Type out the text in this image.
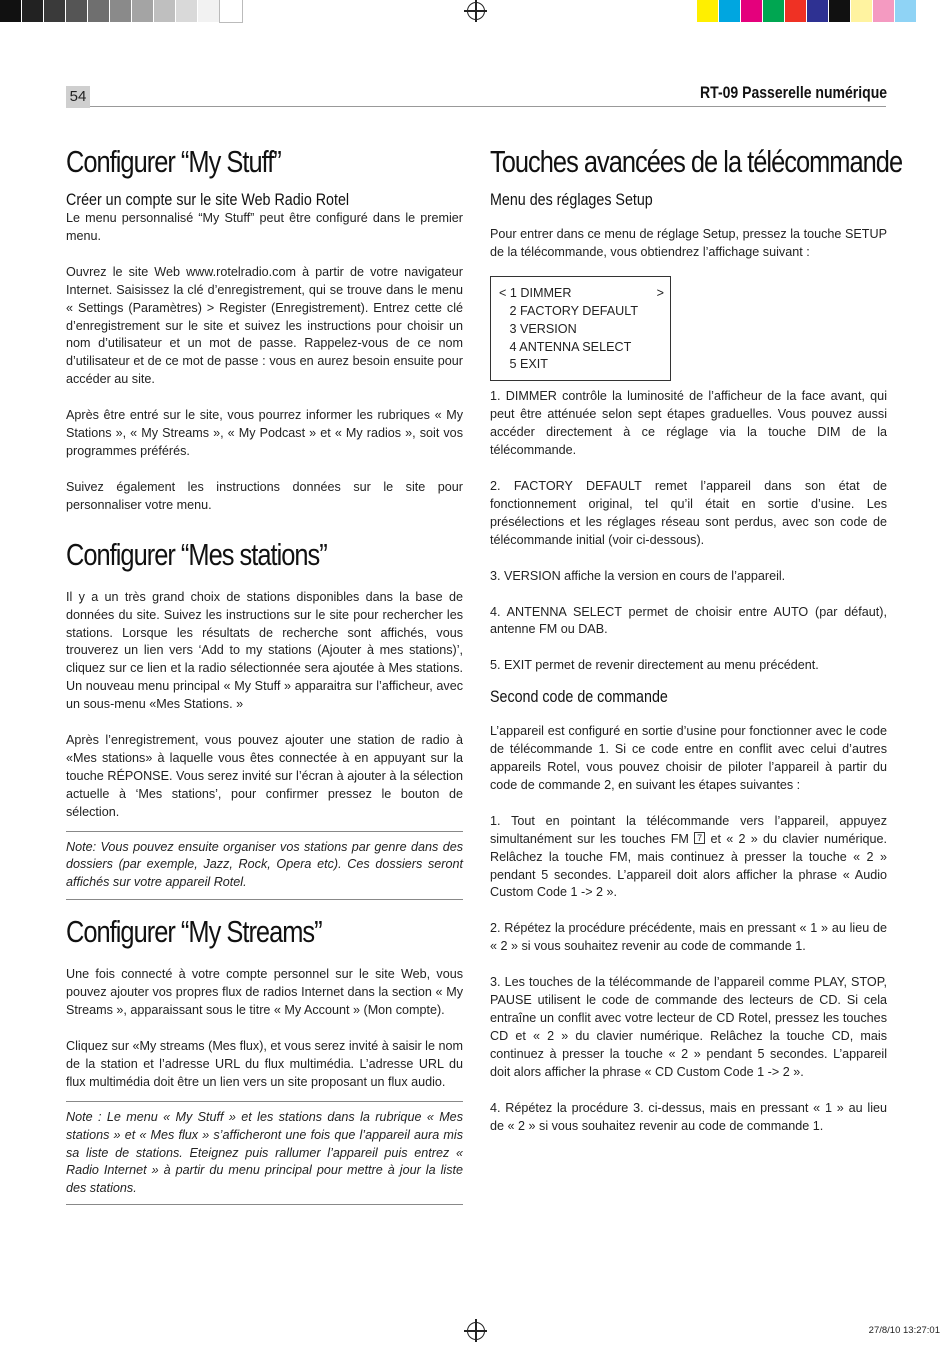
54	RT-09 Passerelle numérique
Configurer “My Stuff”
Créer un compte sur le site Web Radio Rotel

Le menu personnalisé “My Stuff” peut être configuré dans le premier menu.

Ouvrez le site Web www.rotelradio.com à partir de votre navigateur Internet. Saisissez la clé d’enregistrement, qui se trouve dans le menu « Settings (Paramètres) > Register (Enregistrement). Entrez cette clé d’enregistrement sur le site et suivez les instructions pour choisir un nom d’utilisateur et un mot de passe. Rappelez-vous de ce nom d’utilisateur et de ce mot de passe : vous en aurez besoin ensuite pour accéder au site.

Après être entré sur le site, vous pourrez informer les rubriques « My Stations », « My Streams », « My Podcast » et « My radios », soit vos programmes préférés.

Suivez également les instructions données sur le site pour personnaliser votre menu.

Configurer “Mes stations”

Il y a un très grand choix de stations disponibles dans la base de données du site. Suivez les instructions sur le site pour rechercher les stations. Lorsque les résultats de recherche sont affichés, vous trouverez un lien vers ‘Add to my stations (Ajouter à mes stations)’, cliquez sur ce lien et la radio sélectionnée sera ajoutée à Mes stations. Un nouveau menu principal « My Stuff » apparaitra sur l’afficheur, avec un sous-menu «Mes Stations. »

Après l’enregistrement, vous pouvez ajouter une station de radio à «Mes stations» à laquelle vous êtes connectée à en appuyant sur la touche RÉPONSE. Vous serez invité sur l’écran à ajouter à la sélection actuelle à ‘Mes stations’, pour confirmer pressez le bouton de sélection.

Note: Vous pouvez ensuite organiser vos stations par genre dans des dossiers (par exemple, Jazz, Rock, Opera etc). Ces dossiers seront affichés sur votre appareil Rotel.

Configurer “My Streams”

Une fois connecté à votre compte personnel sur le site Web, vous pouvez ajouter vos propres flux de radios Internet dans la section « My Streams », apparaissant sous le titre « My Account » (Mon compte).

Cliquez sur «My streams (Mes flux), et vous serez invité à saisir le nom de la station et l’adresse URL du flux multimédia. L’adresse URL du flux multimédia doit être un lien vers un site proposant un flux audio.

Note : Le menu « My Stuff » et les stations dans la rubrique « Mes stations » et « Mes flux » s’afficheront une fois que l’appareil aura mis sa liste de stations. Eteignez puis rallumer l’appareil puis entrez « Radio Internet » à partir du menu principal pour mettre à jour la liste des stations.

Touches avancées de la télécommande
Menu des réglages Setup

Pour entrer dans ce menu de réglage Setup, pressez la touche SETUP de la télécommande, vous obtiendrez l’affichage suivant :

< 1 DIMMER
2 FACTORY DEFAULT
3 VERSION
4 ANTENNA SELECT
5 EXIT
>

1. DIMMER contrôle la luminosité de l’afficheur de la face avant, qui peut être atténuée selon sept étapes graduelles. Vous pouvez aussi accéder directement à ce réglage via la touche DIM de la télécommande.

2. FACTORY DEFAULT remet l’appareil dans son état de fonctionnement original, tel qu’il était en sortie d’usine. Les présélections et les réglages réseau sont perdus, avec son code de télécommande initial (voir ci-dessous).

3. VERSION affiche la version en cours de l’appareil.

4. ANTENNA SELECT permet de choisir entre AUTO (par défaut), antenne FM ou DAB.

5. EXIT permet de revenir directement au menu précédent.

Second code de commande

L’appareil est configuré en sortie d’usine pour fonctionner avec le code de télécommande 1. Si ce code entre en conflit avec celui d’autres appareils Rotel, vous pouvez choisir de piloter l’appareil à partir du code de commande 2, en suivant les étapes suivantes :

1. Tout en pointant la télécommande vers l’appareil, appuyez simultanément sur les touches FM 7 et « 2 » du clavier numérique. Relâchez la touche FM, mais continuez à presser la touche « 2 » pendant 5 secondes. L’appareil doit alors afficher la phrase « Audio Custom Code 1 -> 2 ».

2. Répétez la procédure précédente, mais en pressant « 1 » au lieu de « 2 » si vous souhaitez revenir au code de commande 1.

3. Les touches de la télécommande de l’appareil comme PLAY, STOP, PAUSE utilisent le code de commande des lecteurs de CD. Si cela entraîne un conflit avec votre lecteur de CD Rotel, pressez les touches CD et « 2 » du clavier numérique. Relâchez la touche CD, mais continuez à presser la touche « 2 » pendant 5 secondes. L’appareil doit alors afficher la phrase « CD Custom Code 1 -> 2 ».

4. Répétez la procédure 3. ci-dessus, mais en pressant « 1 » au lieu de « 2 » si vous souhaitez revenir au code de commande 1.

27/8/10 13:27:01
